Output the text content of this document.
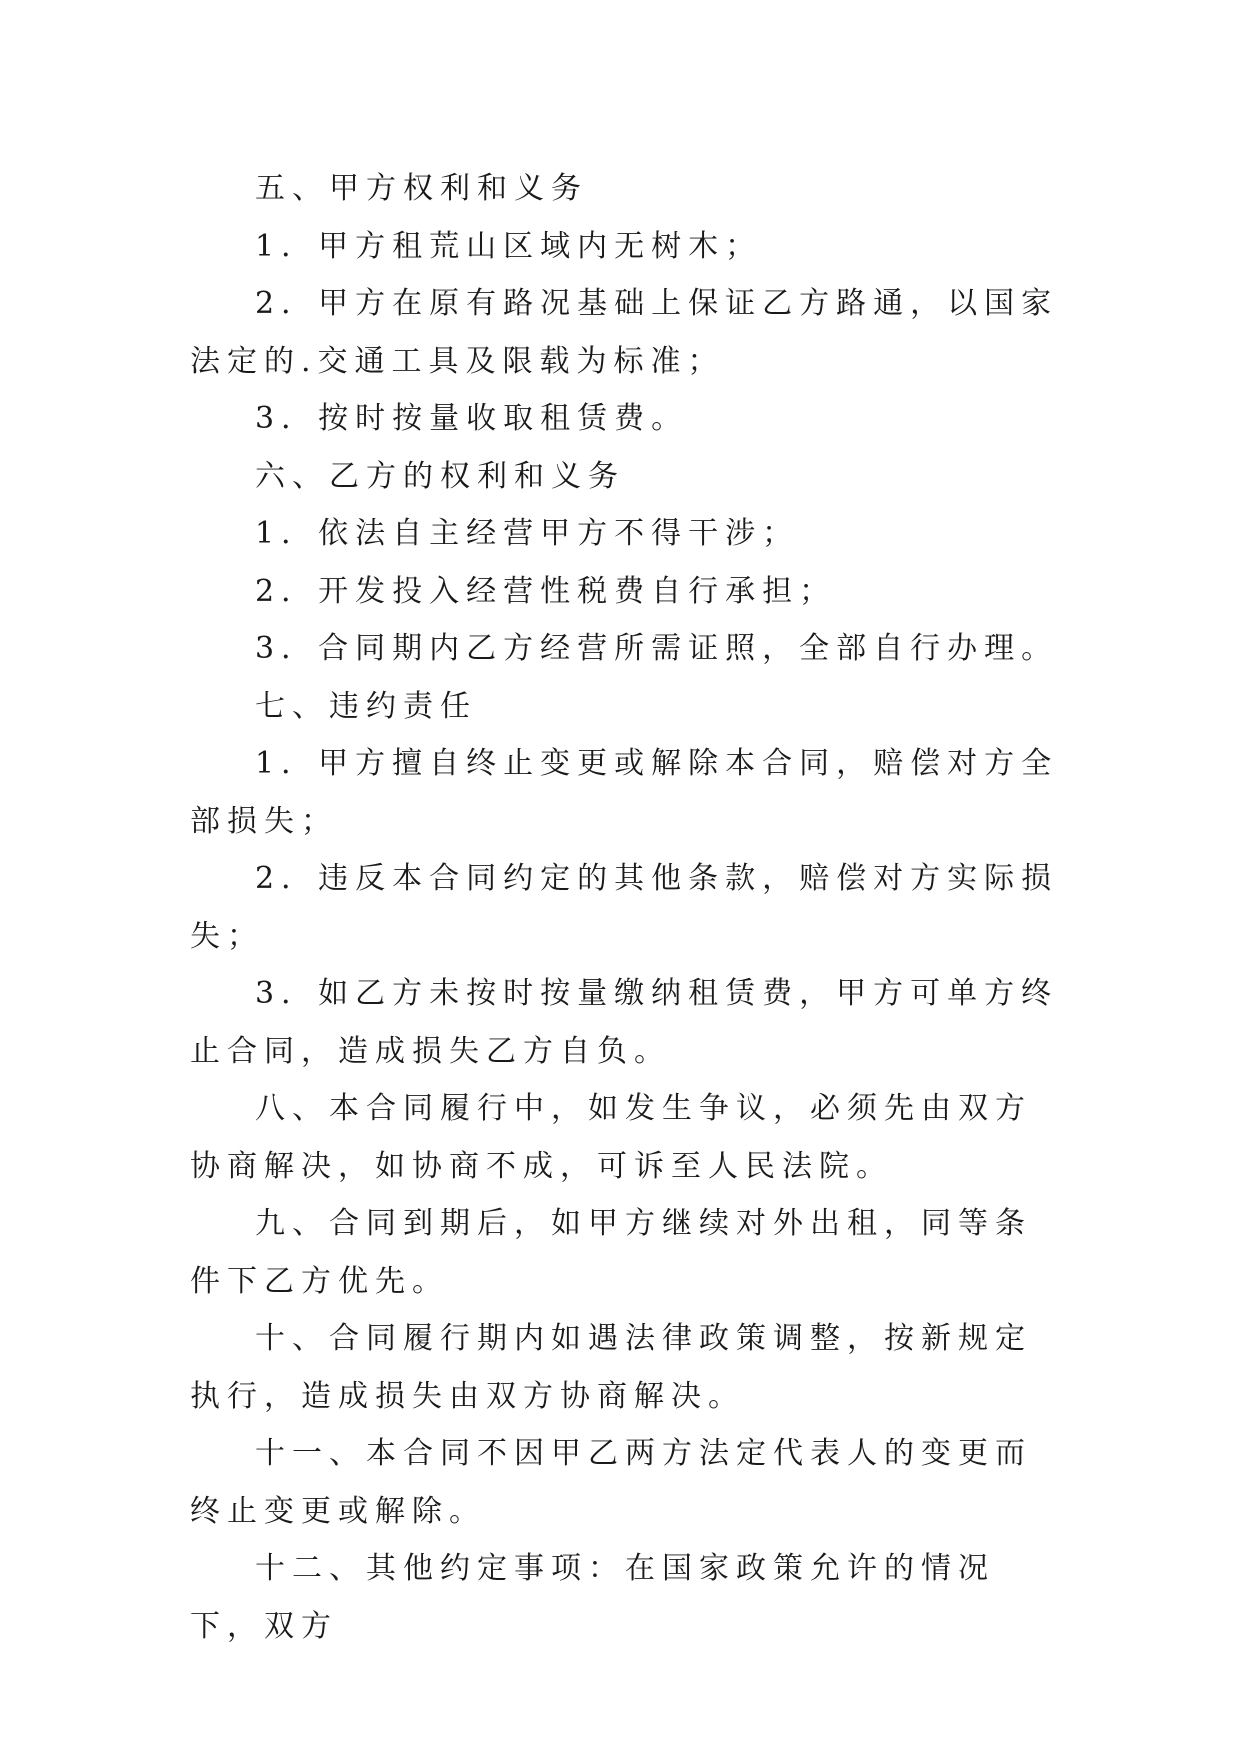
五、甲方权利和义务

1．甲方租荒山区域内无树木；

2．甲方在原有路况基础上保证乙方路通，以国家法定的.交通工具及限载为标准；

3．按时按量收取租赁费。

六、乙方的权利和义务

1．依法自主经营甲方不得干涉；

2．开发投入经营性税费自行承担；

3．合同期内乙方经营所需证照，全部自行办理。

七、违约责任

1．甲方擅自终止变更或解除本合同，赔偿对方全部损失；

2．违反本合同约定的其他条款，赔偿对方实际损失；

3．如乙方未按时按量缴纳租赁费，甲方可单方终止合同，造成损失乙方自负。

八、本合同履行中，如发生争议，必须先由双方协商解决，如协商不成，可诉至人民法院。

九、合同到期后，如甲方继续对外出租，同等条件下乙方优先。

十、合同履行期内如遇法律政策调整，按新规定执行，造成损失由双方协商解决。

十一、本合同不因甲乙两方法定代表人的变更而终止变更或解除。

十二、其他约定事项：在国家政策允许的情况下，双方
